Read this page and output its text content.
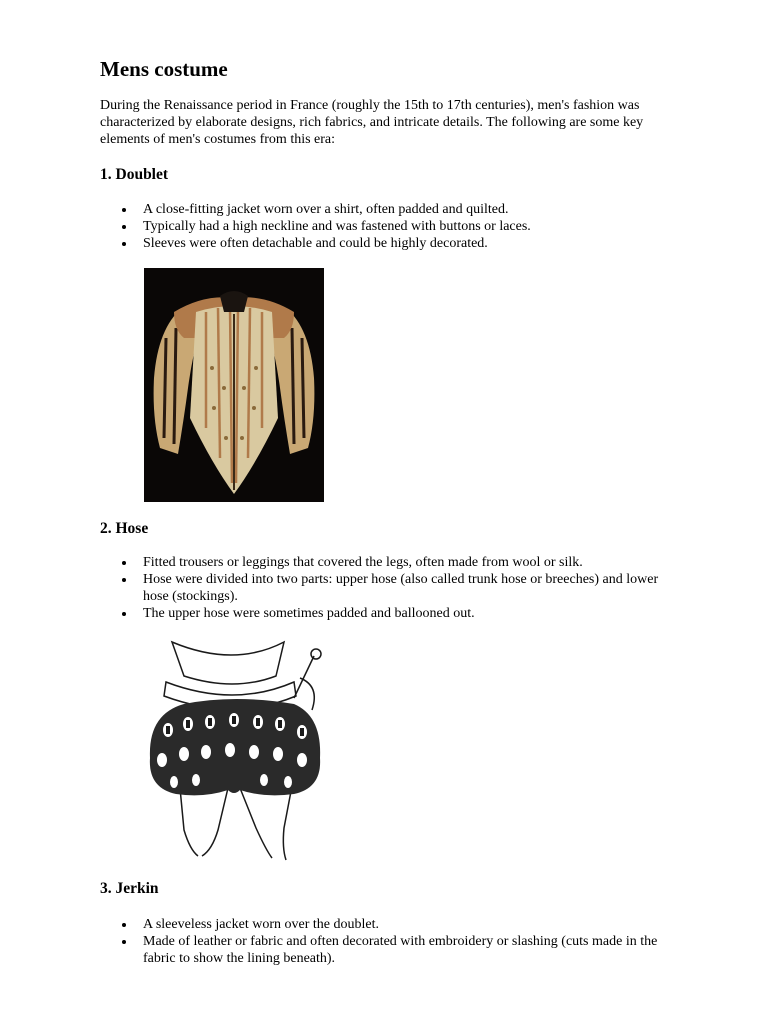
Mens costume

During the Renaissance period in France (roughly the 15th to 17th centuries), men's fashion was characterized by elaborate designs, rich fabrics, and intricate details. The following are some key elements of men's costumes from this era:

1. Doublet
A close-fitting jacket worn over a shirt, often padded and quilted.
Typically had a high neckline and was fastened with buttons or laces.
Sleeves were often detachable and could be highly decorated.
2. Hose
Fitted trousers or leggings that covered the legs, often made from wool or silk.
Hose were divided into two parts: upper hose (also called trunk hose or breeches) and lower hose (stockings).
The upper hose were sometimes padded and ballooned out.
3. Jerkin
A sleeveless jacket worn over the doublet.
Made of leather or fabric and often decorated with embroidery or slashing (cuts made in the fabric to show the lining beneath).
